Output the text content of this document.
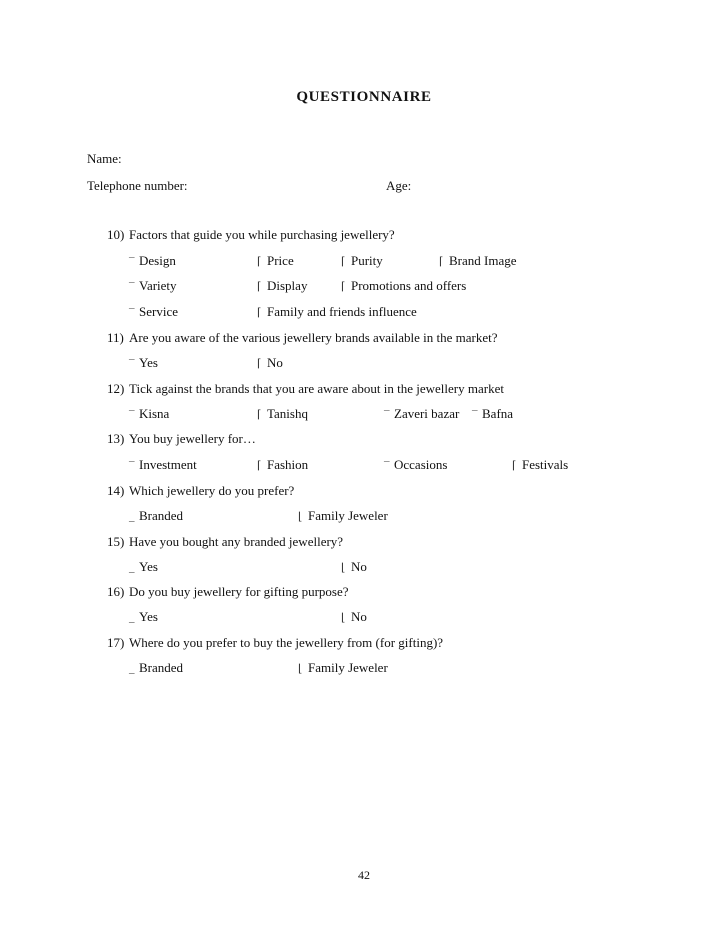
QUESTIONNAIRE
Name:
Telephone number:	Age:
10) Factors that guide you while purchasing jewellery?
¯ Design	⌈ Price	⌈ Purity	⌈ Brand Image
¯ Variety	⌈ Display	⌈ Promotions and offers
¯ Service	⌈ Family and friends influence
11) Are you aware of the various jewellery brands available in the market?
¯ Yes	⌈ No
12) Tick against the brands that you are aware about in the jewellery market
¯ Kisna	⌈ Tanishq	¯ Zaveri bazar ¯ Bafna
13) You buy jewellery for…
¯ Investment	⌈ Fashion	¯ Occasions	⌈ Festivals
14) Which jewellery do you prefer?
_ Branded	⌊ Family Jeweler
15) Have you bought any branded jewellery?
_ Yes	⌊ No
16) Do you buy jewellery for gifting purpose?
_ Yes	⌊ No
17) Where do you prefer to buy the jewellery from (for gifting)?
_ Branded	⌊ Family Jeweler
42
